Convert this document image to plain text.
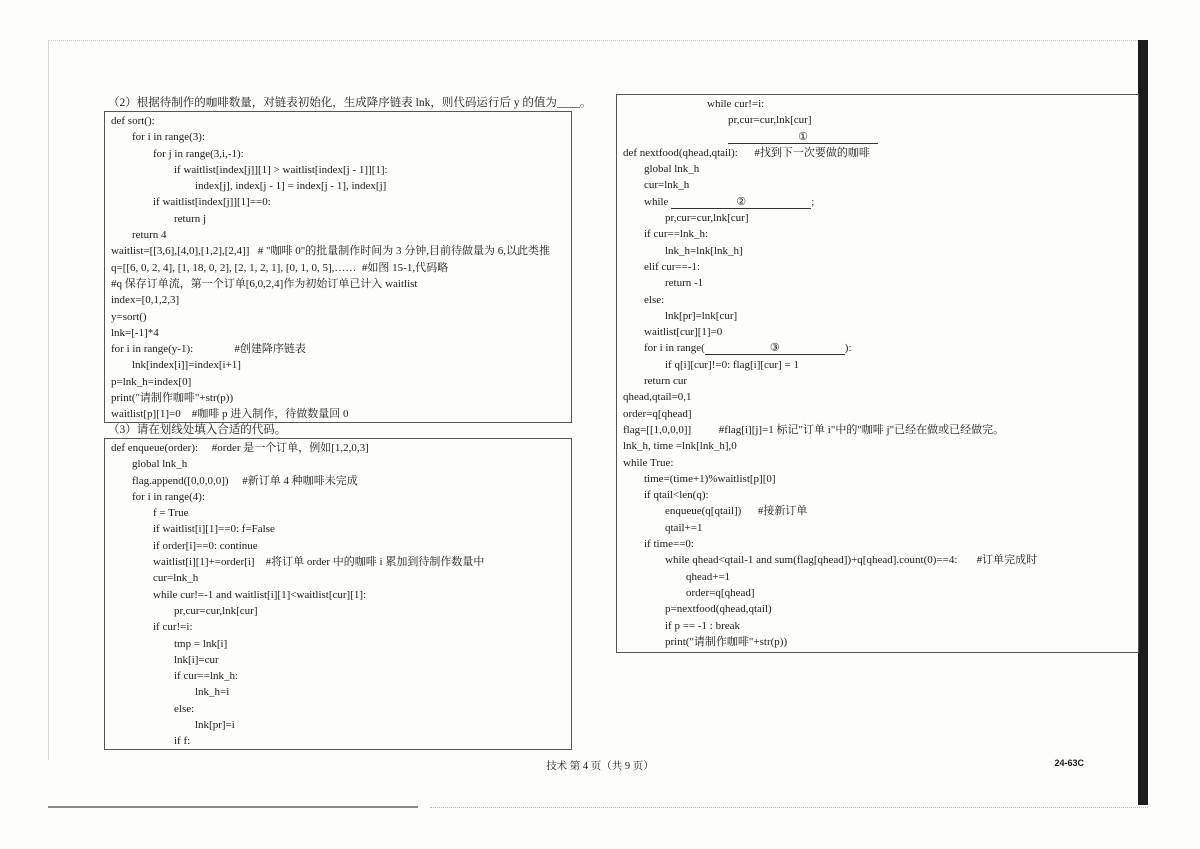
（2）根据待制作的咖啡数量，对链表初始化，生成降序链表 lnk，则代码运行后 y 的值为____。
def sort():
for i in range(3):
for j in range(3,i,-1):
if waitlist[index[j]][1] > waitlist[index[j - 1]][1]:
index[j], index[j - 1] = index[j - 1], index[j]
if waitlist[index[j]][1]==0:
return j
return 4
waitlist=[[3,6],[4,0],[1,2],[2,4]]   # "咖啡 0"的批量制作时间为 3 分钟,目前待做量为 6,以此类推
q=[[6, 0, 2, 4], [1, 18, 0, 2], [2, 1, 2, 1], [0, 1, 0, 5],……  #如图 15-1,代码略
#q 保存订单流，第一个订单[6,0,2,4]作为初始订单已计入 waitlist
index=[0,1,2,3]
y=sort()
lnk=[-1]*4
for i in range(y-1):               #创建降序链表
lnk[index[i]]=index[i+1]
p=lnk_h=index[0]
print("请制作咖啡"+str(p))
waitlist[p][1]=0    #咖啡 p 进入制作，待做数量回 0
（3）请在划线处填入合适的代码。
def enqueue(order):     #order 是一个订单，例如[1,2,0,3]
global lnk_h
flag.append([0,0,0,0])     #新订单 4 种咖啡未完成
for i in range(4):
f = True
if waitlist[i][1]==0: f=False
if order[i]==0: continue
waitlist[i][1]+=order[i]    #将订单 order 中的咖啡 i 累加到待制作数量中
cur=lnk_h
while cur!=-1 and waitlist[i][1]<waitlist[cur][1]:
pr,cur=cur,lnk[cur]
if cur!=i:
tmp = lnk[i]
lnk[i]=cur
if cur==lnk_h:
lnk_h=i
else:
lnk[pr]=i
if f:
while cur!=i:
pr,cur=cur,lnk[cur]
①
def nextfood(qhead,qtail):      #找到下一次要做的咖啡
global lnk_h
cur=lnk_h
while	②	;
pr,cur=cur,lnk[cur]
if cur==lnk_h:
lnk_h=lnk[lnk_h]
elif cur==-1:
return -1
else:
lnk[pr]=lnk[cur]
waitlist[cur][1]=0
for i in range(	③	):
if q[i][cur]!=0: flag[i][cur] = 1
return cur
qhead,qtail=0,1
order=q[qhead]
flag=[[1,0,0,0]]          #flag[i][j]=1 标记"订单 i"中的"咖啡 j"已经在做或已经做完。
lnk_h, time =lnk[lnk_h],0
while True:
time=(time+1)%waitlist[p][0]
if qtail<len(q):
enqueue(q[qtail])      #接新订单
qtail+=1
if time==0:
while qhead<qtail-1 and sum(flag[qhead])+q[qhead].count(0)==4:       #订单完成时
qhead+=1
order=q[qhead]
p=nextfood(qhead,qtail)
if p == -1 : break
print("请制作咖啡"+str(p))
技术 第 4 页（共 9 页）	24-63C
